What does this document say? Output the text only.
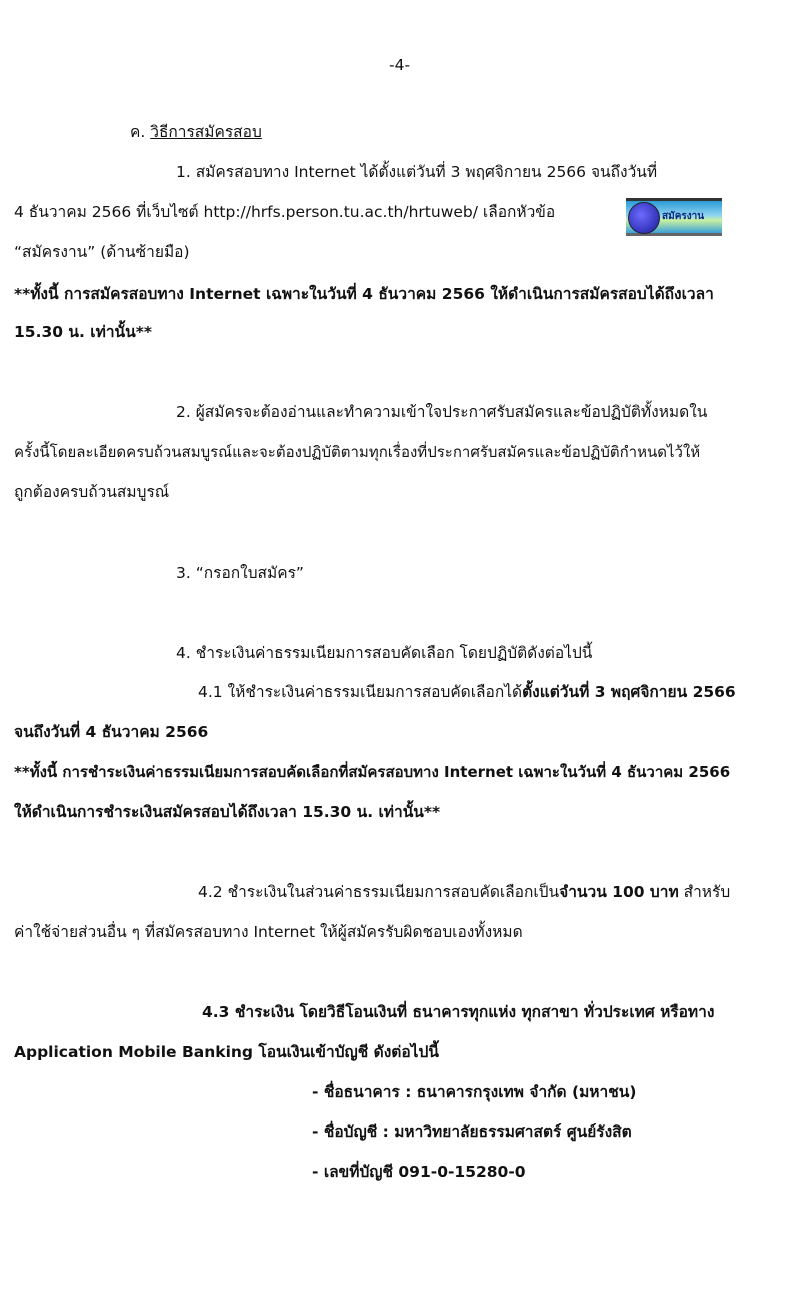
-4-
ค. วิธีการสมัครสอบ
1. สมัครสอบทาง Internet ได้ตั้งแต่วันที่ 3 พฤศจิกายน 2566 จนถึงวันที่
4 ธันวาคม 2566 ที่เว็บไซต์ http://hrfs.person.tu.ac.th/hrtuweb/ เลือกหัวข้อ	สมัครงาน
“สมัครงาน” (ด้านซ้ายมือ)
**ทั้งนี้ การสมัครสอบทาง Internet เฉพาะในวันที่ 4 ธันวาคม 2566 ให้ดำเนินการสมัครสอบได้ถึงเวลา
15.30 น. เท่านั้น**
2. ผู้สมัครจะต้องอ่านและทำความเข้าใจประกาศรับสมัครและข้อปฏิบัติทั้งหมดใน
ครั้งนี้โดยละเอียดครบถ้วนสมบูรณ์และจะต้องปฏิบัติตามทุกเรื่องที่ประกาศรับสมัครและข้อปฏิบัติกำหนดไว้ให้
ถูกต้องครบถ้วนสมบูรณ์
3. “กรอกใบสมัคร”
4. ชำระเงินค่าธรรมเนียมการสอบคัดเลือก โดยปฏิบัติดังต่อไปนี้
4.1 ให้ชำระเงินค่าธรรมเนียมการสอบคัดเลือกได้ตั้งแต่วันที่ 3 พฤศจิกายน 2566
จนถึงวันที่ 4 ธันวาคม 2566
**ทั้งนี้ การชำระเงินค่าธรรมเนียมการสอบคัดเลือกที่สมัครสอบทาง Internet เฉพาะในวันที่ 4 ธันวาคม 2566
ให้ดำเนินการชำระเงินสมัครสอบได้ถึงเวลา 15.30 น. เท่านั้น**
4.2 ชำระเงินในส่วนค่าธรรมเนียมการสอบคัดเลือกเป็นจำนวน 100 บาท สำหรับ
ค่าใช้จ่ายส่วนอื่น ๆ ที่สมัครสอบทาง Internet ให้ผู้สมัครรับผิดชอบเองทั้งหมด
4.3 ชำระเงิน โดยวิธีโอนเงินที่ ธนาคารทุกแห่ง ทุกสาขา ทั่วประเทศ หรือทาง
Application Mobile Banking โอนเงินเข้าบัญชี ดังต่อไปนี้
- ชื่อธนาคาร : ธนาคารกรุงเทพ จำกัด (มหาชน)
- ชื่อบัญชี : มหาวิทยาลัยธรรมศาสตร์ ศูนย์รังสิต
- เลขที่บัญชี 091-0-15280-0
